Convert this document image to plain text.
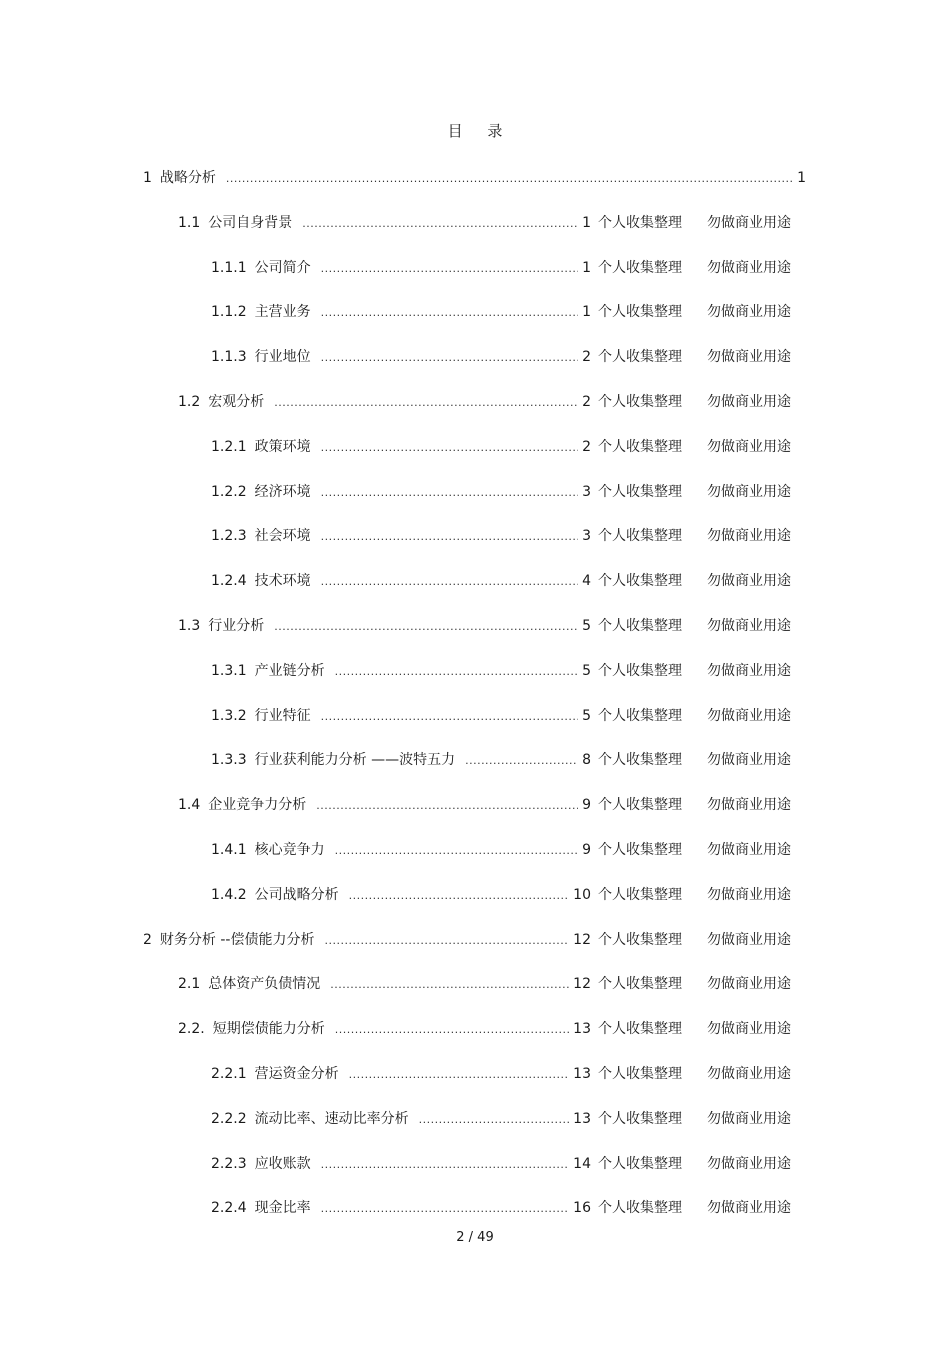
目 录
1 战略分析 .....	1
1.1 公司自身背景 .....	1 个人收集整理 勿做商业用途
1.1.1 公司简介 .....	1 个人收集整理 勿做商业用途
1.1.2 主营业务 .....	1 个人收集整理 勿做商业用途
1.1.3 行业地位 .....	2 个人收集整理 勿做商业用途
1.2 宏观分析 .....	2 个人收集整理 勿做商业用途
1.2.1 政策环境 .....	2 个人收集整理 勿做商业用途
1.2.2 经济环境 .....	3 个人收集整理 勿做商业用途
1.2.3 社会环境 .....	3 个人收集整理 勿做商业用途
1.2.4 技术环境 .....	4 个人收集整理 勿做商业用途
1.3 行业分析 .....	5 个人收集整理 勿做商业用途
1.3.1 产业链分析 .....	5 个人收集整理 勿做商业用途
1.3.2 行业特征 .....	5 个人收集整理 勿做商业用途
1.3.3 行业获利能力分析 ——波特五力 .....	8 个人收集整理 勿做商业用途
1.4 企业竞争力分析 .....	9 个人收集整理 勿做商业用途
1.4.1 核心竞争力 .....	9 个人收集整理 勿做商业用途
1.4.2 公司战略分析 .....	10 个人收集整理 勿做商业用途
2 财务分析 --偿债能力分析 .....	12 个人收集整理 勿做商业用途
2.1 总体资产负债情况 .....	12 个人收集整理 勿做商业用途
2.2. 短期偿债能力分析 .....	13 个人收集整理 勿做商业用途
2.2.1 营运资金分析 .....	13 个人收集整理 勿做商业用途
2.2.2 流动比率、速动比率分析 .....	13 个人收集整理 勿做商业用途
2.2.3 应收账款 .....	14 个人收集整理 勿做商业用途
2.2.4 现金比率 .....	16 个人收集整理 勿做商业用途
2 / 49
